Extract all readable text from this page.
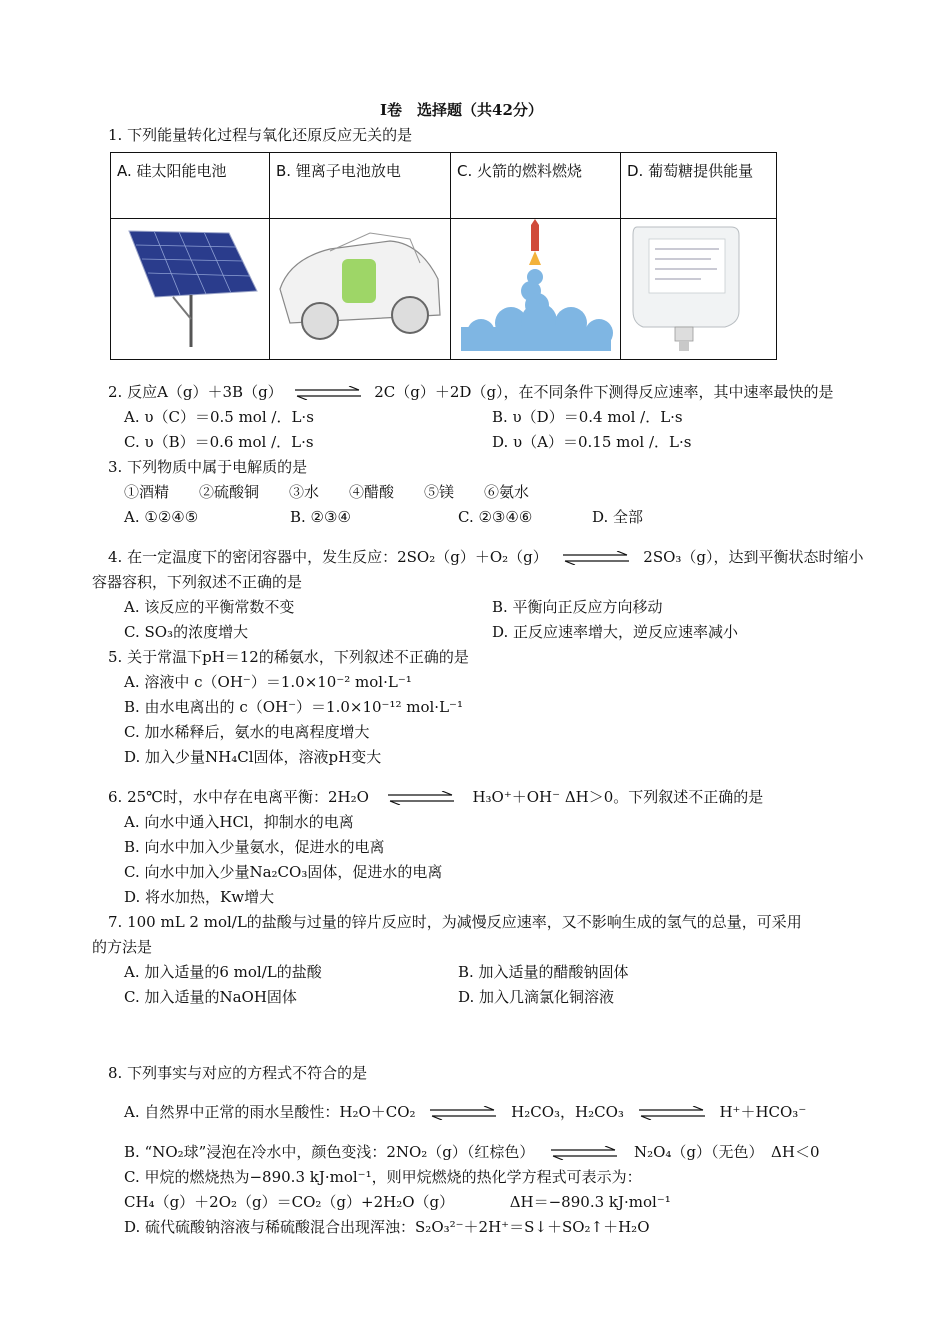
Ⅰ卷　选择题（共42分）
1. 下列能量转化过程与氧化还原反应无关的是
A. 硅太阳能电池	B. 锂离子电池放电	C. 火箭的燃料燃烧	D. 葡萄糖提供能量

2. 反应A（g）＋3B（g）	2C（g）＋2D（g），在不同条件下测得反应速率，其中速率最快的是
A. υ（C）＝0.5 mol /．L·s	B. υ（D）＝0.4 mol /．L·s
C. υ（B）＝0.6 mol /．L·s	D. υ（A）＝0.15 mol /．L·s
3. 下列物质中属于电解质的是
①酒精　　②硫酸铜　　③水　　④醋酸　　⑤镁　　⑥氨水
A. ①②④⑤	B. ②③④	C. ②③④⑥	D. 全部
4. 在一定温度下的密闭容器中，发生反应：2SO₂（g）＋O₂（g）	2SO₃（g），达到平衡状态时缩小
容器容积，下列叙述不正确的是
A. 该反应的平衡常数不变	B. 平衡向正反应方向移动
C. SO₃的浓度增大	D. 正反应速率增大，逆反应速率减小
5. 关于常温下pH＝12的稀氨水，下列叙述不正确的是
A. 溶液中 c（OH⁻）＝1.0×10⁻² mol·L⁻¹
B. 由水电离出的 c（OH⁻）＝1.0×10⁻¹² mol·L⁻¹
C. 加水稀释后，氨水的电离程度增大
D. 加入少量NH₄Cl固体，溶液pH变大
6. 25℃时，水中存在电离平衡：2H₂O	H₃O⁺＋OH⁻ ΔH＞0。下列叙述不正确的是
A. 向水中通入HCl，抑制水的电离
B. 向水中加入少量氨水，促进水的电离
C. 向水中加入少量Na₂CO₃固体，促进水的电离
D. 将水加热，Kw增大
7. 100 mL 2 mol/L的盐酸与过量的锌片反应时，为减慢反应速率，又不影响生成的氢气的总量，可采用
的方法是
A. 加入适量的6 mol/L的盐酸	B. 加入适量的醋酸钠固体
C. 加入适量的NaOH固体	D. 加入几滴氯化铜溶液
8. 下列事实与对应的方程式不符合的是
A. 自然界中正常的雨水呈酸性：H₂O＋CO₂	H₂CO₃，H₂CO₃	H⁺＋HCO₃⁻
B. “NO₂球”浸泡在冷水中，颜色变浅：2NO₂（g）（红棕色）	N₂O₄（g）（无色）　ΔH＜0
C. 甲烷的燃烧热为−890.3 kJ·mol⁻¹，则甲烷燃烧的热化学方程式可表示为：
CH₄（g）＋2O₂（g）＝CO₂（g）+2H₂O（g）	ΔH＝−890.3 kJ·mol⁻¹
D. 硫代硫酸钠溶液与稀硫酸混合出现浑浊：S₂O₃²⁻＋2H⁺＝S↓＋SO₂↑＋H₂O
